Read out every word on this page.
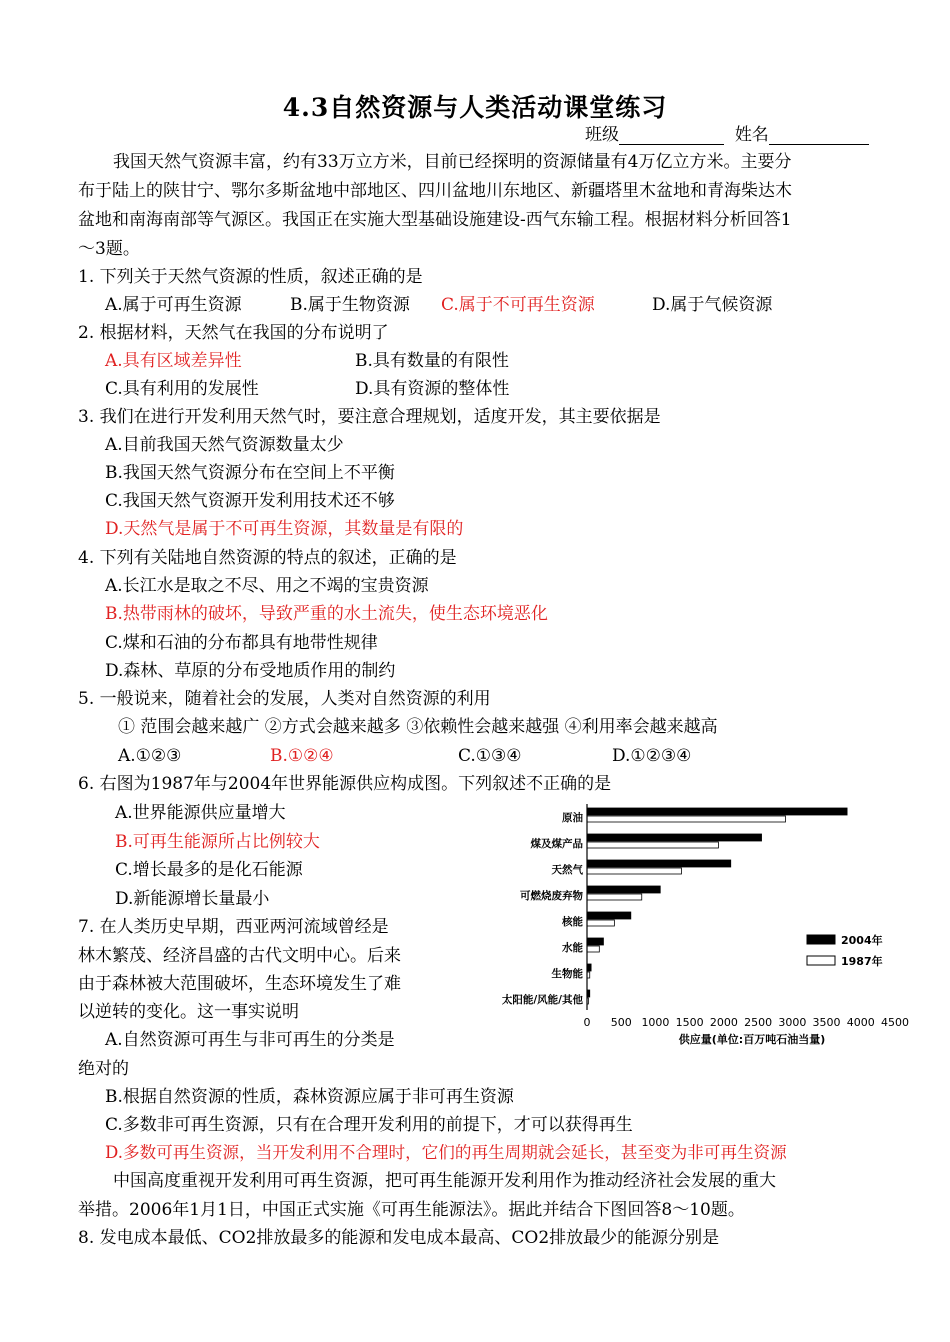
4.3自然资源与人类活动课堂练习
班级	姓名
我国天然气资源丰富，约有33万立方米，目前已经探明的资源储量有4万亿立方米。主要分
布于陆上的陕甘宁、鄂尔多斯盆地中部地区、四川盆地川东地区、新疆塔里木盆地和青海柴达木
盆地和南海南部等气源区。我国正在实施大型基础设施建设-西气东输工程。根据材料分析回答1
～3题。
1. 下列关于天然气资源的性质，叙述正确的是
A.属于可再生资源	B.属于生物资源 C.属于不可再生资源	D.属于气候资源
2. 根据材料，天然气在我国的分布说明了
A.具有区域差异性	B.具有数量的有限性
C.具有利用的发展性	D.具有资源的整体性
3. 我们在进行开发利用天然气时，要注意合理规划，适度开发，其主要依据是
A.目前我国天然气资源数量太少
B.我国天然气资源分布在空间上不平衡
C.我国天然气资源开发利用技术还不够
D.天然气是属于不可再生资源，其数量是有限的
4. 下列有关陆地自然资源的特点的叙述，正确的是
A.长江水是取之不尽、用之不竭的宝贵资源
B.热带雨林的破坏，导致严重的水土流失，使生态环境恶化
C.煤和石油的分布都具有地带性规律
D.森林、草原的分布受地质作用的制约
5. 一般说来，随着社会的发展，人类对自然资源的利用
① 范围会越来越广 ②方式会越来越多 ③依赖性会越来越强 ④利用率会越来越高
A.①②③	B.①②④	C.①③④	D.①②③④
6. 右图为1987年与2004年世界能源供应构成图。下列叙述不正确的是
A.世界能源供应量增大
B.可再生能源所占比例较大
C.增长最多的是化石能源
D.新能源增长量最小
7. 在人类历史早期，西亚两河流域曾经是
林木繁茂、经济昌盛的古代文明中心。后来
由于森林被大范围破坏，生态环境发生了难
以逆转的变化。这一事实说明
A.自然资源可再生与非可再生的分类是
绝对的
B.根据自然资源的性质，森林资源应属于非可再生资源
C.多数非可再生资源，只有在合理开发利用的前提下，才可以获得再生
D.多数可再生资源，当开发利用不合理时，它们的再生周期就会延长，甚至变为非可再生资源
中国高度重视开发利用可再生资源，把可再生能源开发利用作为推动经济社会发展的重大
举措。2006年1月1日，中国正式实施《可再生能源法》。据此并结合下图回答8～10题。
8. 发电成本最低、CO2排放最多的能源和发电成本最高、CO2排放最少的能源分别是
原油
煤及煤产品
天然气
可燃烧废弃物
核能
水能
生物能
太阳能/风能/其他
0 500 1000 1500 2000 2500 3000 3500 4000 4500
2004年
1987年
供应量(单位:百万吨石油当量)
